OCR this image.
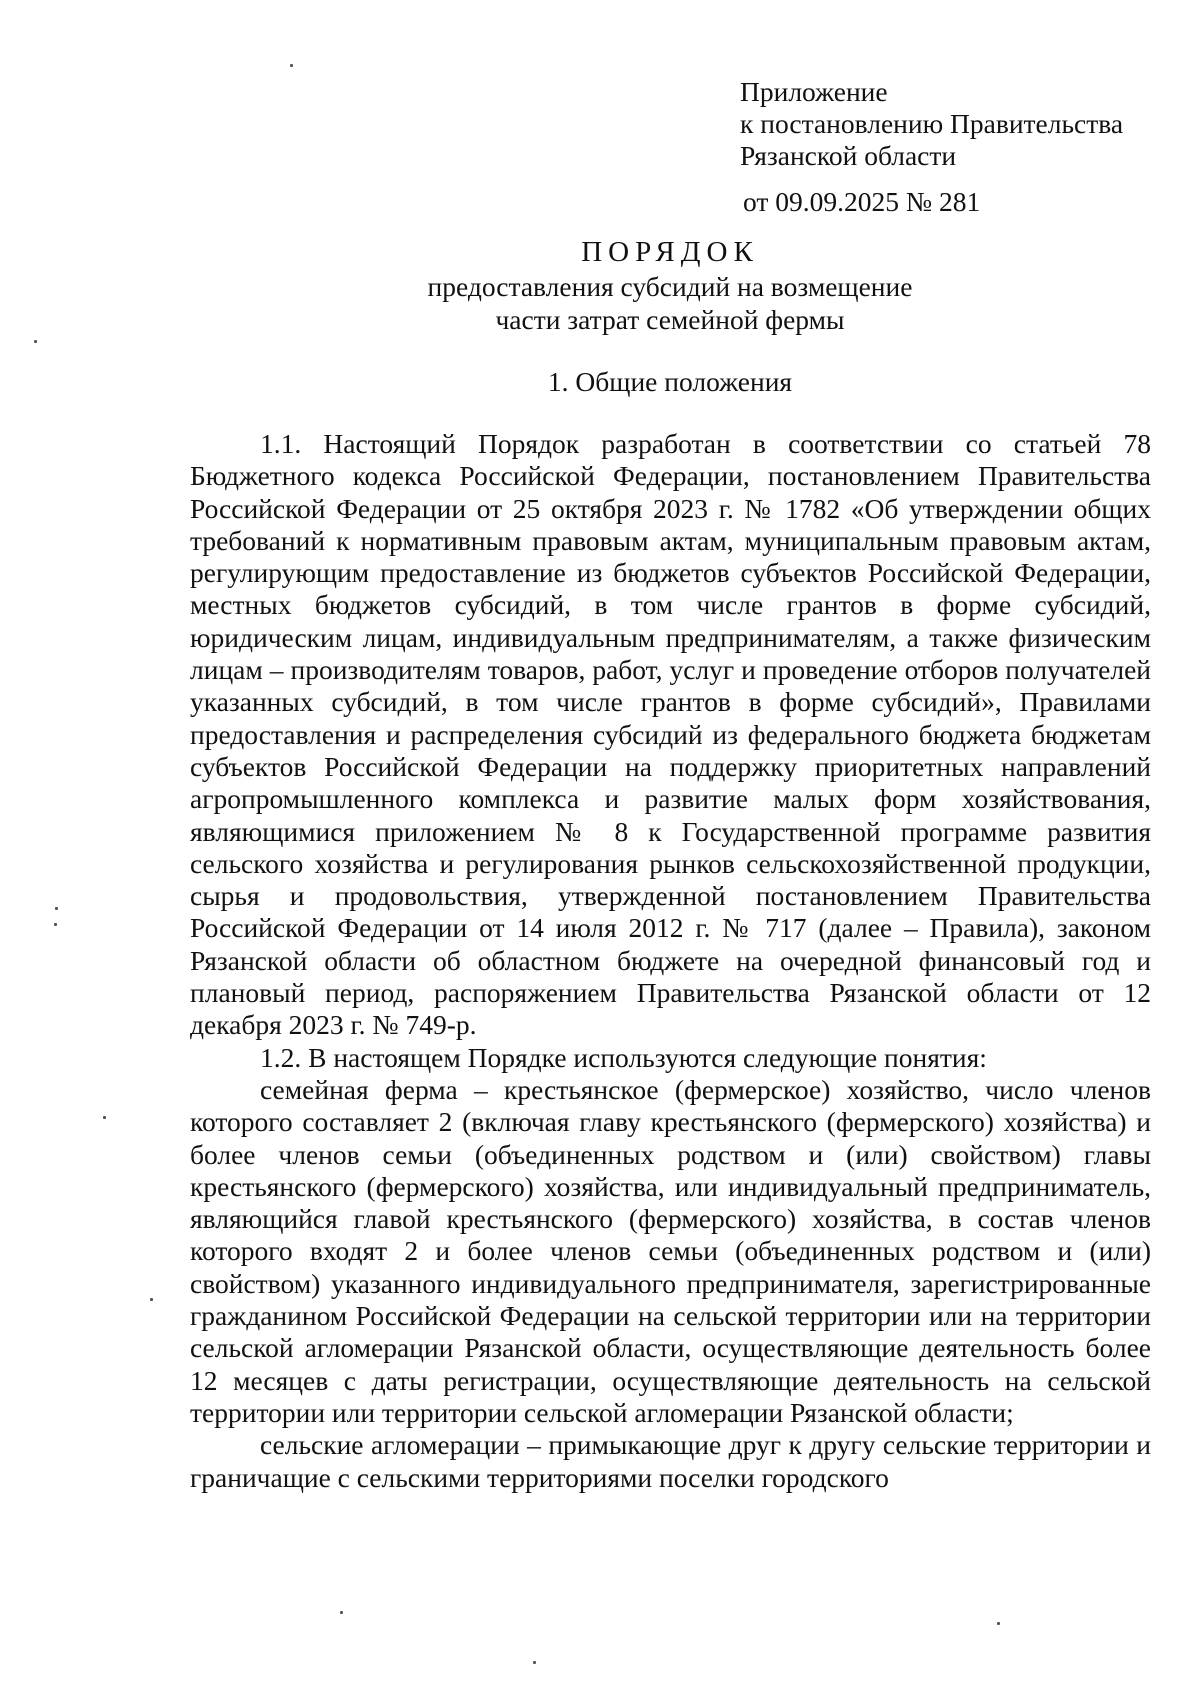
Приложение
к постановлению Правительства
Рязанской области
от 09.09.2025 № 281
ПОРЯДОК
предоставления субсидий на возмещение
части затрат семейной фермы
1. Общие положения

1.1. Настоящий Порядок разработан в соответствии со статьей 78 Бюджетного кодекса Российской Федерации, постановлением Правительства Российской Федерации от 25 октября 2023 г. № 1782 «Об утверждении общих требований к нормативным правовым актам, муниципальным правовым актам, регулирующим предоставление из бюджетов субъектов Российской Федерации, местных бюджетов субсидий, в том числе грантов в форме субсидий, юридическим лицам, индивидуальным предпринимателям, а также физическим лицам – производителям товаров, работ, услуг и проведение отборов получателей указанных субсидий, в том числе грантов в форме субсидий», Правилами предоставления и распределения субсидий из федерального бюджета бюджетам субъектов Российской Федерации на поддержку приоритетных направлений агропромышленного комплекса и развитие малых форм хозяйствования, являющимися приложением № 8 к Государственной программе развития сельского хозяйства и регулирования рынков сельскохозяйственной продукции, сырья и продовольствия, утвержденной постановлением Правительства Российской Федерации от 14 июля 2012 г. № 717 (далее – Правила), законом Рязанской области об областном бюджете на очередной финансовый год и плановый период, распоряжением Правительства Рязанской области от 12 декабря 2023 г. № 749-р.

1.2. В настоящем Порядке используются следующие понятия:

семейная ферма – крестьянское (фермерское) хозяйство, число членов которого составляет 2 (включая главу крестьянского (фермерского) хозяйства) и более членов семьи (объединенных родством и (или) свойством) главы крестьянского (фермерского) хозяйства, или индивидуальный предприниматель, являющийся главой крестьянского (фермерского) хозяйства, в состав членов которого входят 2 и более членов семьи (объединенных родством и (или) свойством) указанного индивидуального предпринимателя, зарегистрированные гражданином Российской Федерации на сельской территории или на территории сельской агломерации Рязанской области, осуществляющие деятельность более 12 месяцев с даты регистрации, осуществляющие деятельность на сельской территории или территории сельской агломерации Рязанской области;

сельские агломерации – примыкающие друг к другу сельские территории и граничащие с сельскими территориями поселки городского
